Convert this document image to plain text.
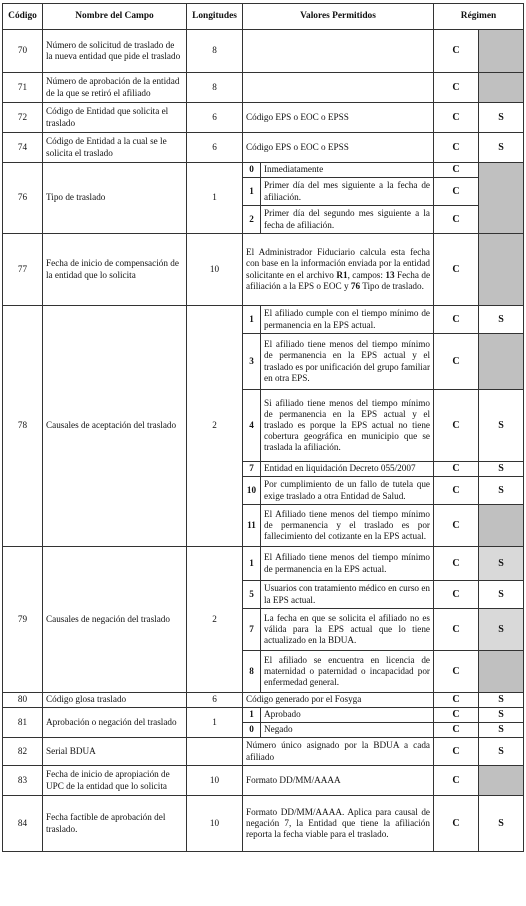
Código	Nombre del Campo	Longitudes	Valores Permitidos		Régimen	
70	Número de solicitud de traslado de la nueva entidad que pide el traslado	8			C	
71	Número de aprobación de la entidad de la que se retiró el afiliado	8			C	
72	Código de Entidad que solicita el traslado	6	Código EPS o EOC o EPSS		C	S
74	Código de Entidad a la cual se le solicita el traslado	6	Código EPS o EOC o EPSS		C	S
76	Tipo de traslado	1	0	Inmediatamente	C	
			1	Primer día del mes siguiente a la fecha de afiliación.	C	
			2	Primer día del segundo mes siguiente a la fecha de afiliación.	C	
77	Fecha de inicio de compensación de la entidad que lo solicita	10	El Administrador Fiduciario calcula esta fecha con base en la información enviada por la entidad solicitante en el archivo R1, campos: 13 Fecha de afiliación a la EPS o EOC y 76 Tipo de traslado.		C	
78	Causales de aceptación del traslado	2	1	El afiliado cumple con el tiempo mínimo de permanencia en la EPS actual.	C	S
			3	El afiliado tiene menos del tiempo mínimo de permanencia en la EPS actual y el traslado es por unificación del grupo familiar en otra EPS.	C	
			4	Si afiliado tiene menos del tiempo mínimo de permanencia en la EPS actual y el traslado es porque la EPS actual no tiene cobertura geográfica en municipio que se traslada la afiliación.	C	S
			7	Entidad en liquidación Decreto 055/2007	C	S
			10	Por cumplimiento de un fallo de tutela que exige traslado a otra Entidad de Salud.	C	S
			11	El Afiliado tiene menos del tiempo mínimo de permanencia y el traslado es por fallecimiento del cotizante en la EPS actual.	C	
79	Causales de negación del traslado	2	1	El Afiliado tiene menos del tiempo mínimo de permanencia en la EPS actual.	C	S
			5	Usuarios con tratamiento médico en curso en la EPS actual.	C	S
			7	La fecha en que se solicita el afiliado no es válida para la EPS actual que lo tiene actualizado en la BDUA.	C	S
			8	El afiliado se encuentra en licencia de maternidad o paternidad o incapacidad por enfermedad general.	C	
80	Código glosa traslado	6	Código generado por el Fosyga		C	S
81	Aprobación o negación del traslado	1	1	Aprobado	C	S
			0	Negado	C	S
82	Serial BDUA		Número único asignado por la BDUA a cada afiliado		C	S
83	Fecha de inicio de apropiación de UPC de la entidad que lo solicita	10	Formato DD/MM/AAAA		C	
84	Fecha factible de aprobación del traslado.	10	Formato DD/MM/AAAA. Aplica para causal de negación 7, la Entidad que tiene la afiliación reporta la fecha viable para el traslado.		C	S
